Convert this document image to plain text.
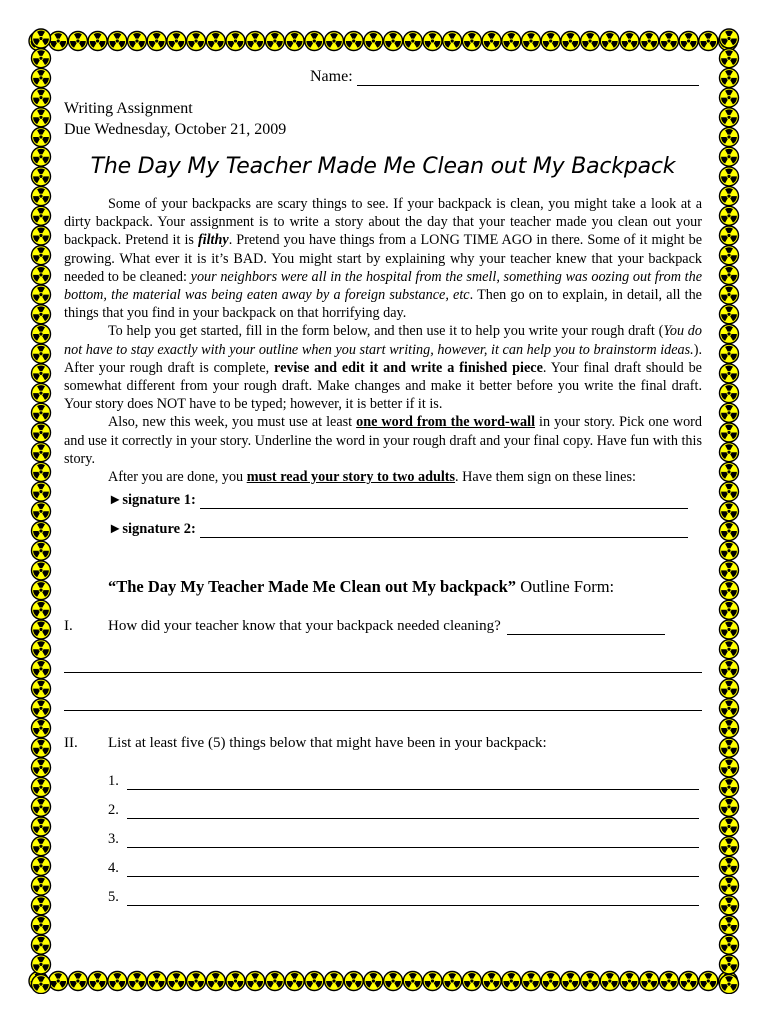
Name:
Writing Assignment
Due Wednesday, October 21, 2009
The Day My Teacher Made Me Clean out My Backpack

Some of your backpacks are scary things to see. If your backpack is clean, you might take a look at a dirty backpack. Your assignment is to write a story about the day that your teacher made you clean out your backpack. Pretend it is filthy. Pretend you have things from a LONG TIME AGO in there. Some of it might be growing. What ever it is it’s BAD. You might start by explaining why your teacher knew that your backpack needed to be cleaned: your neighbors were all in the hospital from the smell, something was oozing out from the bottom, the material was being eaten away by a foreign substance, etc. Then go on to explain, in detail, all the things that you find in your backpack on that horrifying day.

To help you get started, fill in the form below, and then use it to help you write your rough draft (You do not have to stay exactly with your outline when you start writing, however, it can help you to brainstorm ideas.). After your rough draft is complete, revise and edit it and write a finished piece. Your final draft should be somewhat different from your rough draft. Make changes and make it better before you write the final draft. Your story does NOT have to be typed; however, it is better if it is.

Also, new this week, you must use at least one word from the word-wall in your story. Pick one word and use it correctly in your story. Underline the word in your rough draft and your final copy. Have fun with this story.

After you are done, you must read your story to two adults. Have them sign on these lines:

►signature 1:
►signature 2:
“The Day My Teacher Made Me Clean out My backpack” Outline Form:
I. How did your teacher know that your backpack needed cleaning?
II. List at least five (5) things below that might have been in your backpack:
1.
2.
3.
4.
5.
